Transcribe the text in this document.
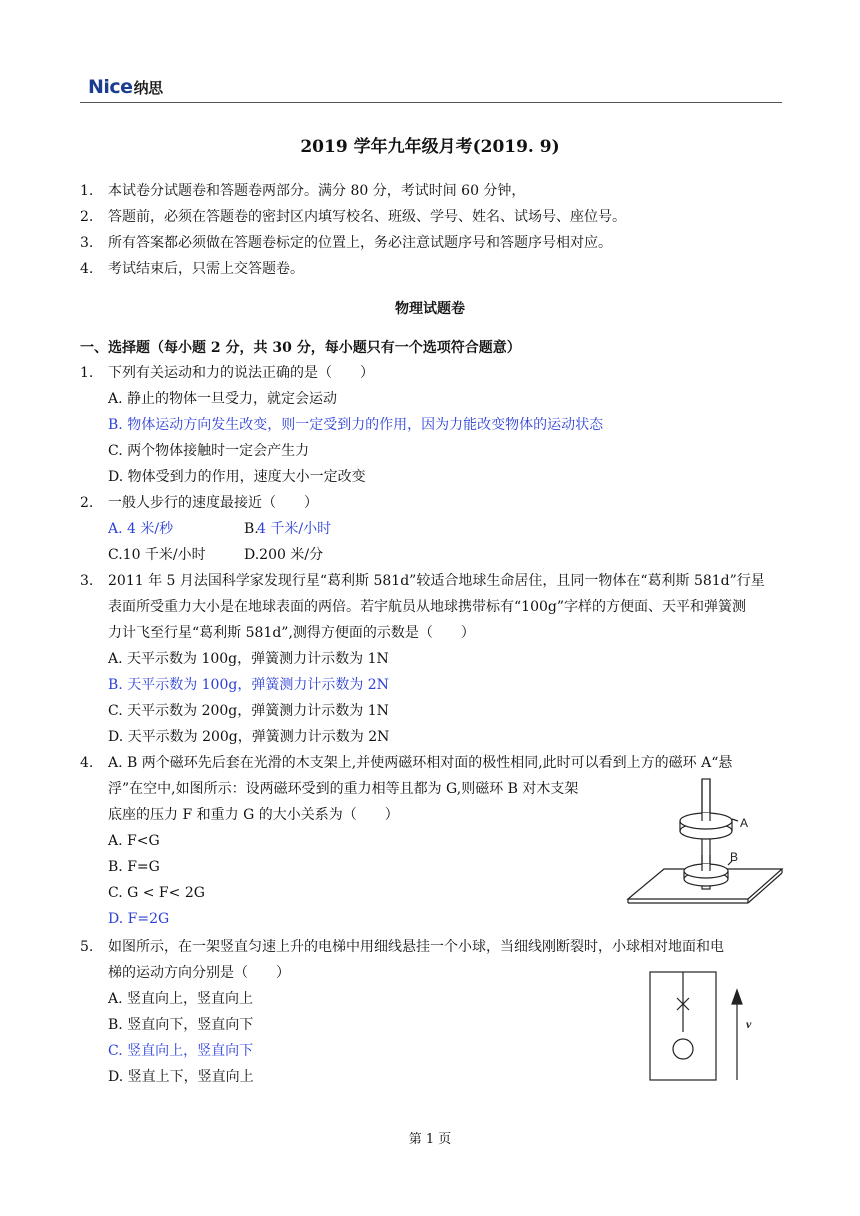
Nice纳思
2019 学年九年级月考(2019. 9)
1. 本试卷分试题卷和答题卷两部分。满分 80 分，考试时间 60 分钟，
2. 答题前，必须在答题卷的密封区内填写校名、班级、学号、姓名、试场号、座位号。
3. 所有答案都必须做在答题卷标定的位置上，务必注意试题序号和答题序号相对应。
4. 考试结束后，只需上交答题卷。
物理试题卷
一、选择题（每小题 2 分，共 30 分，每小题只有一个选项符合题意）
1. 下列有关运动和力的说法正确的是（　　）
A. 静止的物体一旦受力，就定会运动
B. 物体运动方向发生改变，则一定受到力的作用，因为力能改变物体的运动状态
C. 两个物体接触时一定会产生力
D. 物体受到力的作用，速度大小一定改变
2. 一般人步行的速度最接近（　　）
A. 4 米/秒	B.
4 千米/小时
C.10 千米/小时	D.200 米/分
3. 2011 年 5 月法国科学家发现行星“葛利斯 581d”较适合地球生命居住，且同一物体在“葛利斯 581d”行星
表面所受重力大小是在地球表面的两倍。若宇航员从地球携带标有“100g”字样的方便面、天平和弹簧测
力计飞至行星“葛利斯 581d”,测得方便面的示数是（　　）
A. 天平示数为 100g，弹簧测力计示数为 1N
B. 天平示数为 100g，弹簧测力计示数为 2N
C. 天平示数为 200g，弹簧测力计示数为 1N
D. 天平示数为 200g，弹簧测力计示数为 2N
4. A. B 两个磁环先后套在光滑的木支架上,并使两磁环相对面的极性相同,此时可以看到上方的磁环 A“悬
浮”在空中,如图所示：设两磁环受到的重力相等且都为 G,则磁环 B 对木支架
底座的压力 F 和重力 G 的大小关系为（　　）
A. F<G
B. F=G
C. G < F< 2G
D. F=2G
A
B
5. 如图所示，在一架竖直匀速上升的电梯中用细线悬挂一个小球，当细线刚断裂时，小球相对地面和电
梯的运动方向分别是（　　）
A. 竖直向上，竖直向上
B. 竖直向下，竖直向下
C. 竖直向上，竖直向下
D. 竖直上下，竖直向上
v
第 1 页
